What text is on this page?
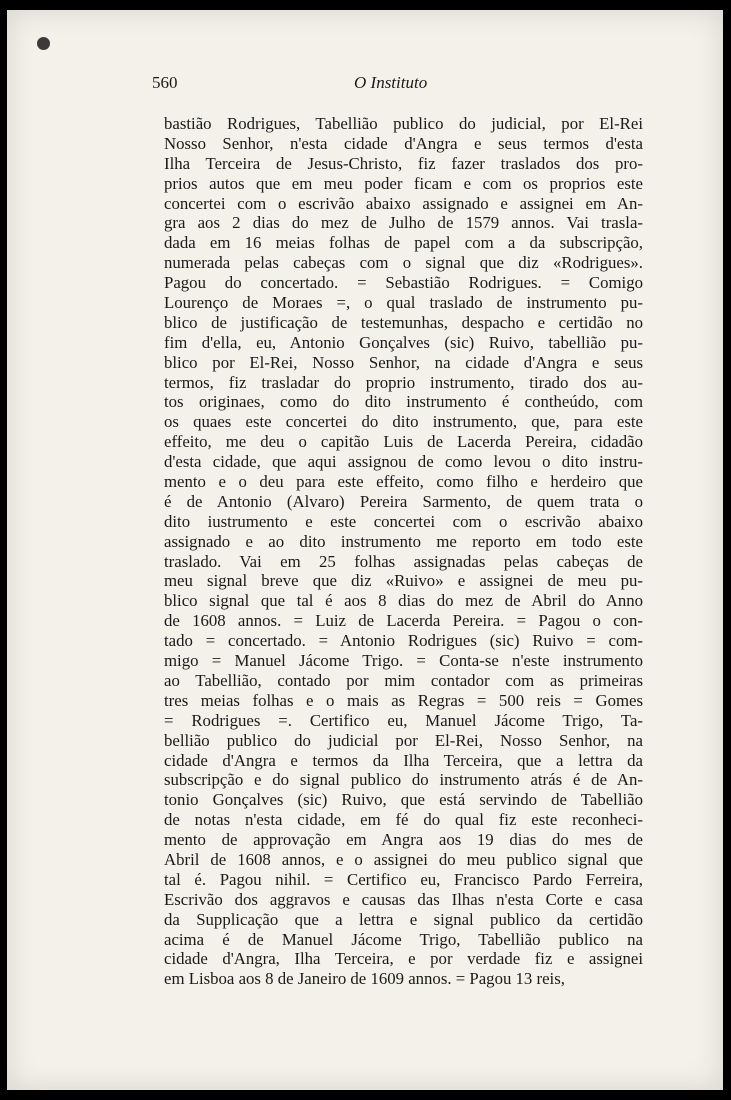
560	O Instituto
bastião Rodrigues, Tabellião publico do judicial, por El-Rei
Nosso Senhor, n'esta cidade d'Angra e seus termos d'esta
Ilha Terceira de Jesus-Christo, fiz fazer traslados dos pro-
prios autos que em meu poder ficam e com os proprios este
concertei com o escrivão abaixo assignado e assignei em An-
gra aos 2 dias do mez de Julho de 1579 annos. Vai trasla-
dada em 16 meias folhas de papel com a da subscripção,
numerada pelas cabeças com o signal que diz «Rodrigues».
Pagou do concertado. = Sebastião Rodrigues. = Comigo
Lourenço de Moraes =, o qual traslado de instrumento pu-
blico de justificação de testemunhas, despacho e certidão no
fim d'ella, eu, Antonio Gonçalves (sic) Ruivo, tabellião pu-
blico por El-Rei, Nosso Senhor, na cidade d'Angra e seus
termos, fiz trasladar do proprio instrumento, tirado dos au-
tos originaes, como do dito instrumento é contheúdo, com
os quaes este concertei do dito instrumento, que, para este
effeito, me deu o capitão Luis de Lacerda Pereira, cidadão
d'esta cidade, que aqui assignou de como levou o dito instru-
mento e o deu para este effeito, como filho e herdeiro que
é de Antonio (Alvaro) Pereira Sarmento, de quem trata o
dito iustrumento e este concertei com o escrivão abaixo
assignado e ao dito instrumento me reporto em todo este
traslado. Vai em 25 folhas assignadas pelas cabeças de
meu signal breve que diz «Ruivo» e assignei de meu pu-
blico signal que tal é aos 8 dias do mez de Abril do Anno
de 1608 annos. = Luiz de Lacerda Pereira. = Pagou o con-
tado = concertado. = Antonio Rodrigues (sic) Ruivo = com-
migo = Manuel Jácome Trigo. = Conta-se n'este instrumento
ao Tabellião, contado por mim contador com as primeiras
tres meias folhas e o mais as Regras = 500 reis = Gomes
= Rodrigues =. Certifico eu, Manuel Jácome Trigo, Ta-
bellião publico do judicial por El-Rei, Nosso Senhor, na
cidade d'Angra e termos da Ilha Terceira, que a lettra da
subscripção e do signal publico do instrumento atrás é de An-
tonio Gonçalves (sic) Ruivo, que está servindo de Tabellião
de notas n'esta cidade, em fé do qual fiz este reconheci-
mento de approvação em Angra aos 19 dias do mes de
Abril de 1608 annos, e o assignei do meu publico signal que
tal é. Pagou nihil. = Certifico eu, Francisco Pardo Ferreira,
Escrivão dos aggravos e causas das Ilhas n'esta Corte e casa
da Supplicação que a lettra e signal publico da certidão
acima é de Manuel Jácome Trigo, Tabellião publico na
cidade d'Angra, Ilha Terceira, e por verdade fiz e assignei
em Lisboa aos 8 de Janeiro de 1609 annos. = Pagou 13 reis,
